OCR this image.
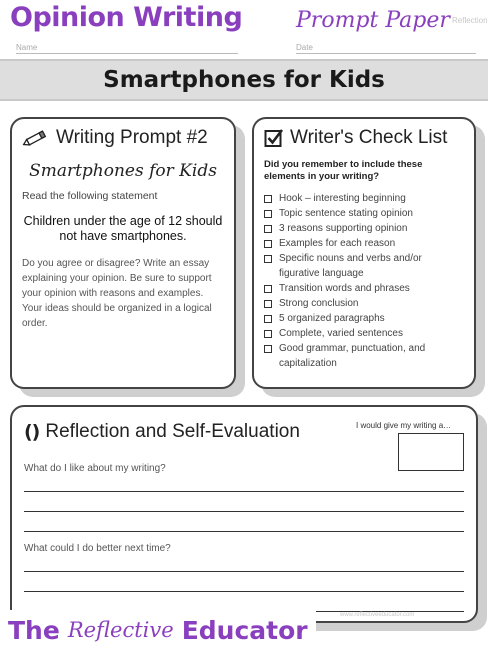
Opinion Writing Prompt Paper Reflection
Name	Date
Smartphones for Kids
Writing Prompt #2
Smartphones for Kids
Read the following statement
Children under the age of 12 should not have smartphones.
Do you agree or disagree? Write an essay explaining your opinion. Be sure to support your opinion with reasons and examples. Your ideas should be organized in a logical order.
Writer's Check List
Did you remember to include these elements in your writing?
Hook – interesting beginning
Topic sentence stating opinion
3 reasons supporting opinion
Examples for each reason
Specific nouns and verbs and/or figurative language
Transition words and phrases
Strong conclusion
5 organized paragraphs
Complete, varied sentences
Good grammar, punctuation, and capitalization
() Reflection and Self-Evaluation	I would give my writing a…
What do I like about my writing?
What could I do better next time?
www.reflectiveeducator.com
The Reflective Educator
